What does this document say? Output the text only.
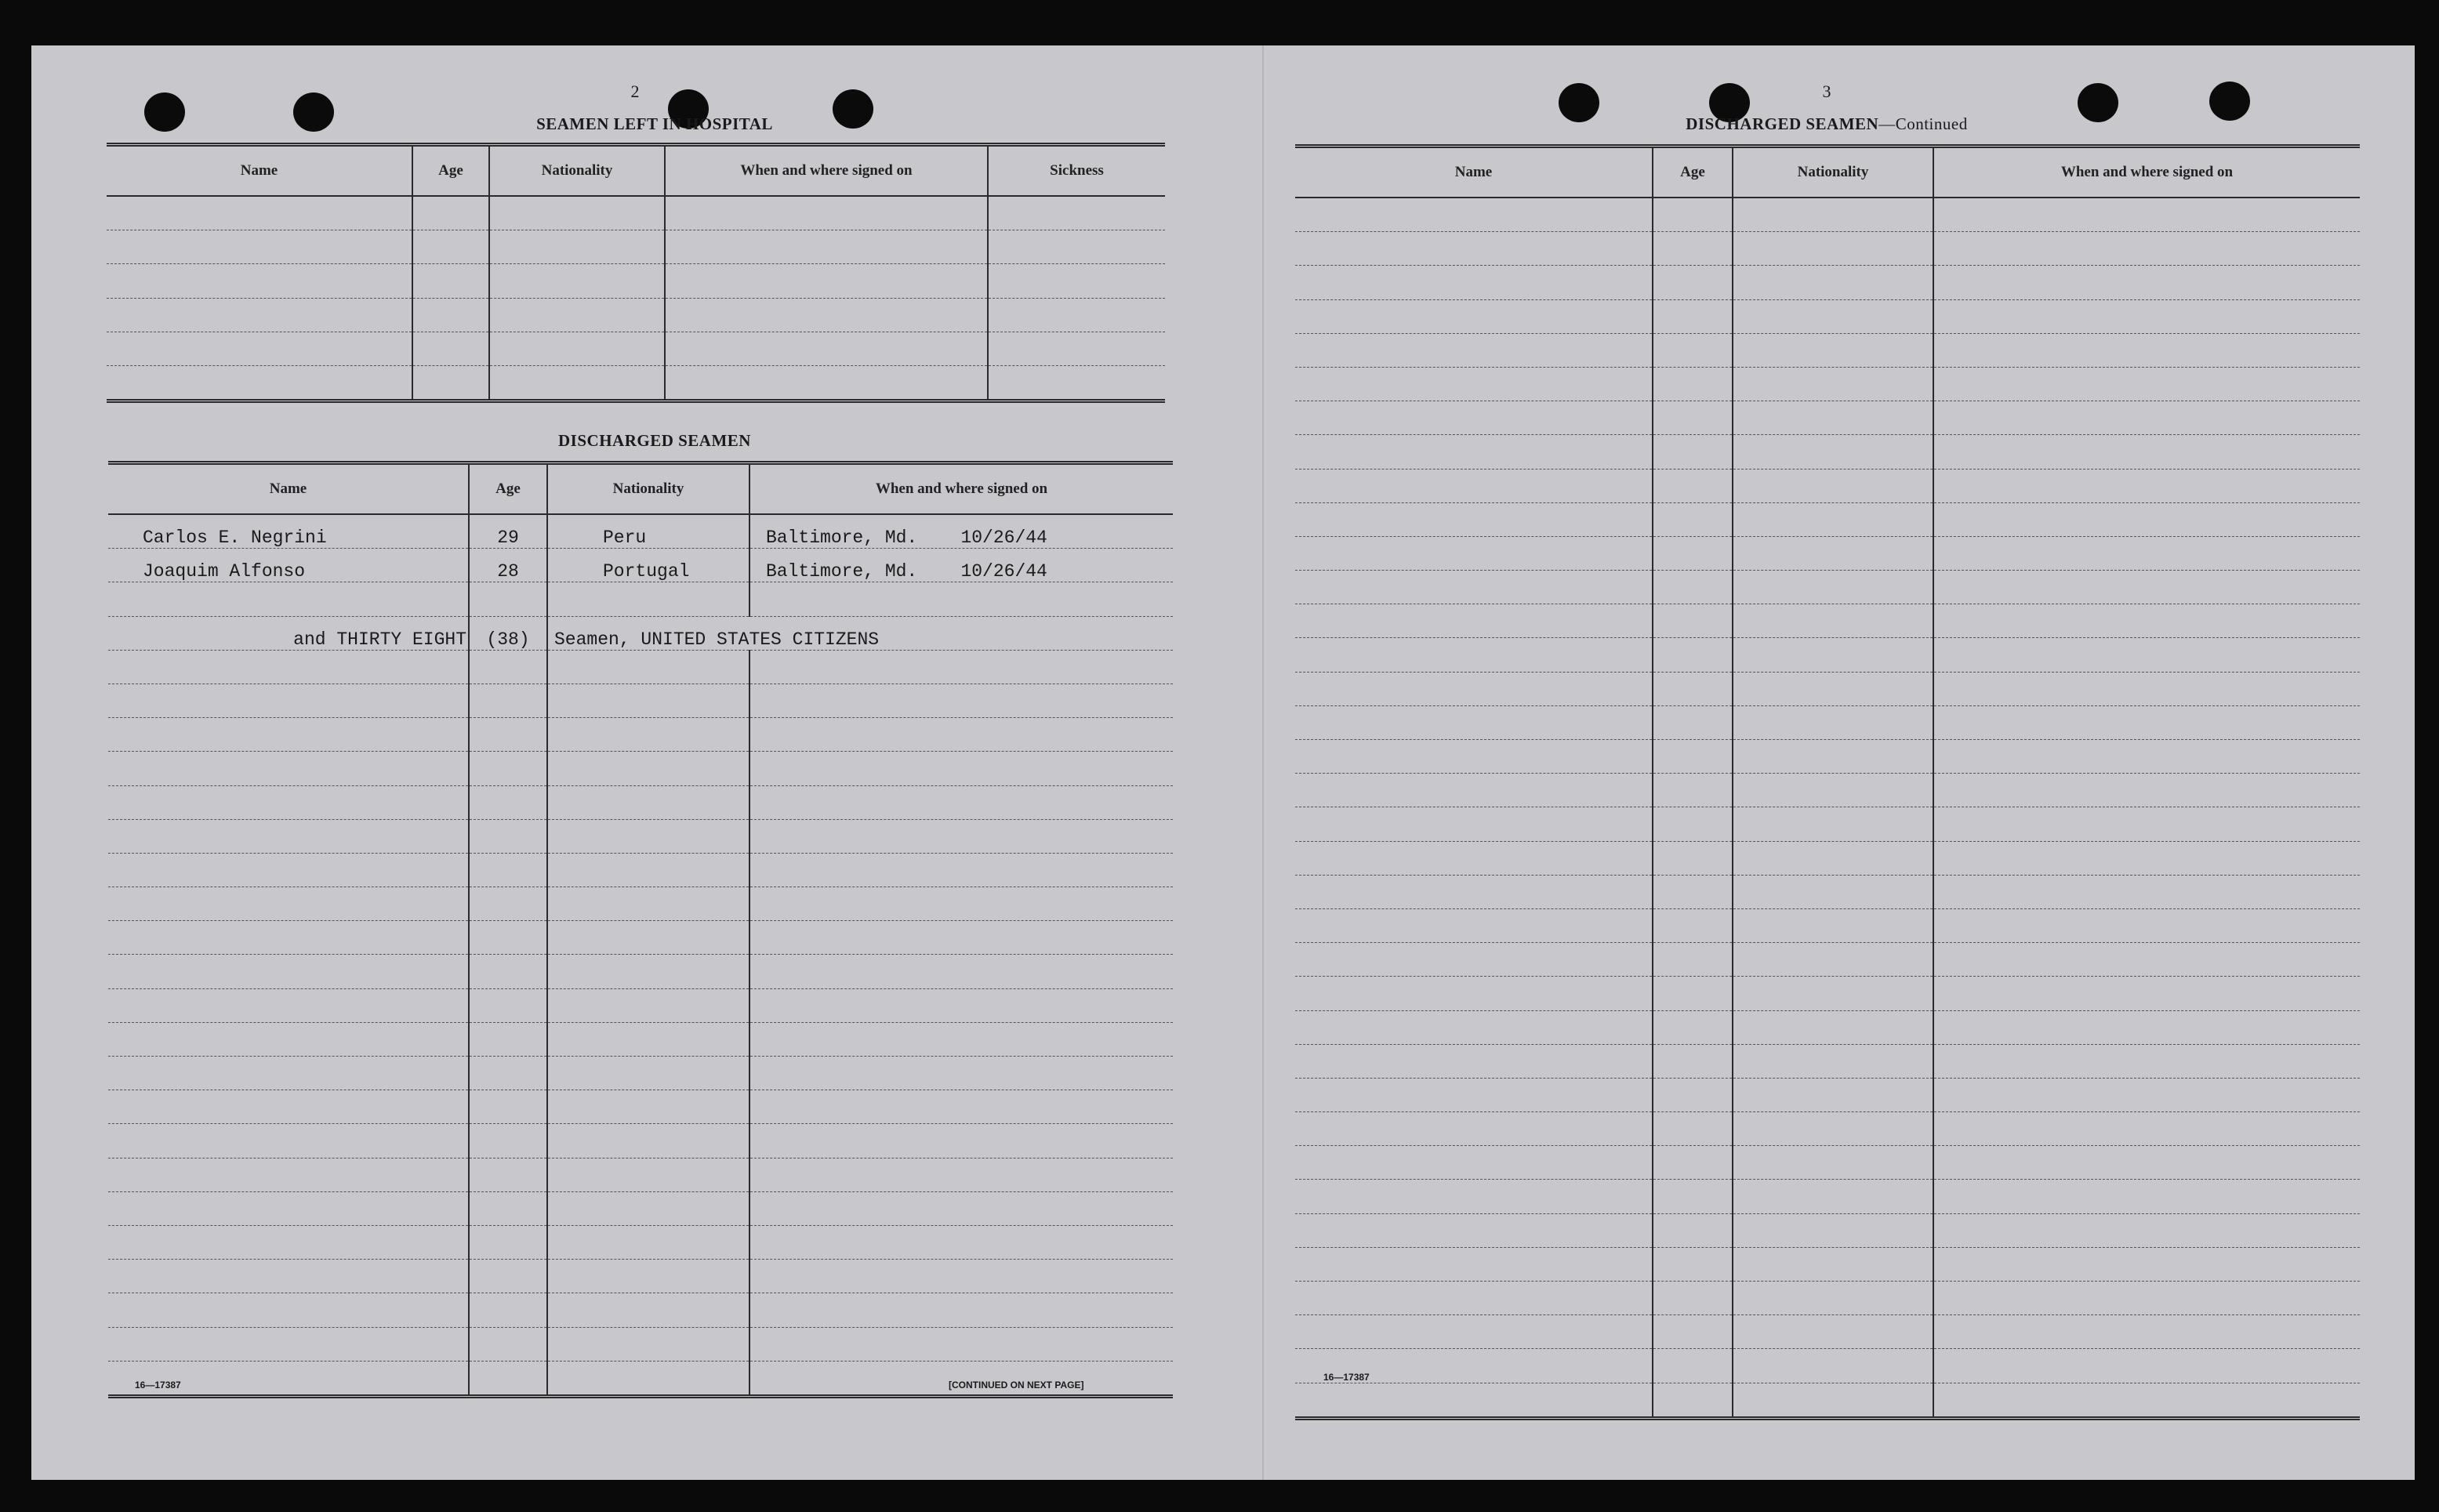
2
SEAMEN LEFT IN HOSPITAL
Name	Age	Nationality	When and where signed on	Sickness

DISCHARGED SEAMEN
Name	Age	Nationality	When and where signed on
Carlos E. Negrini	29	Peru	Baltimore, Md.    10/26/44
Joaquim Alfonso	28	Portugal	Baltimore, Md.    10/26/44

and THIRTY EIGHT	(38)	Seamen, UNITED STATES CITIZENS	

16—17387	[CONTINUED ON NEXT PAGE]
3
DISCHARGED SEAMEN—Continued
Name	Age	Nationality	When and where signed on

16—17387
